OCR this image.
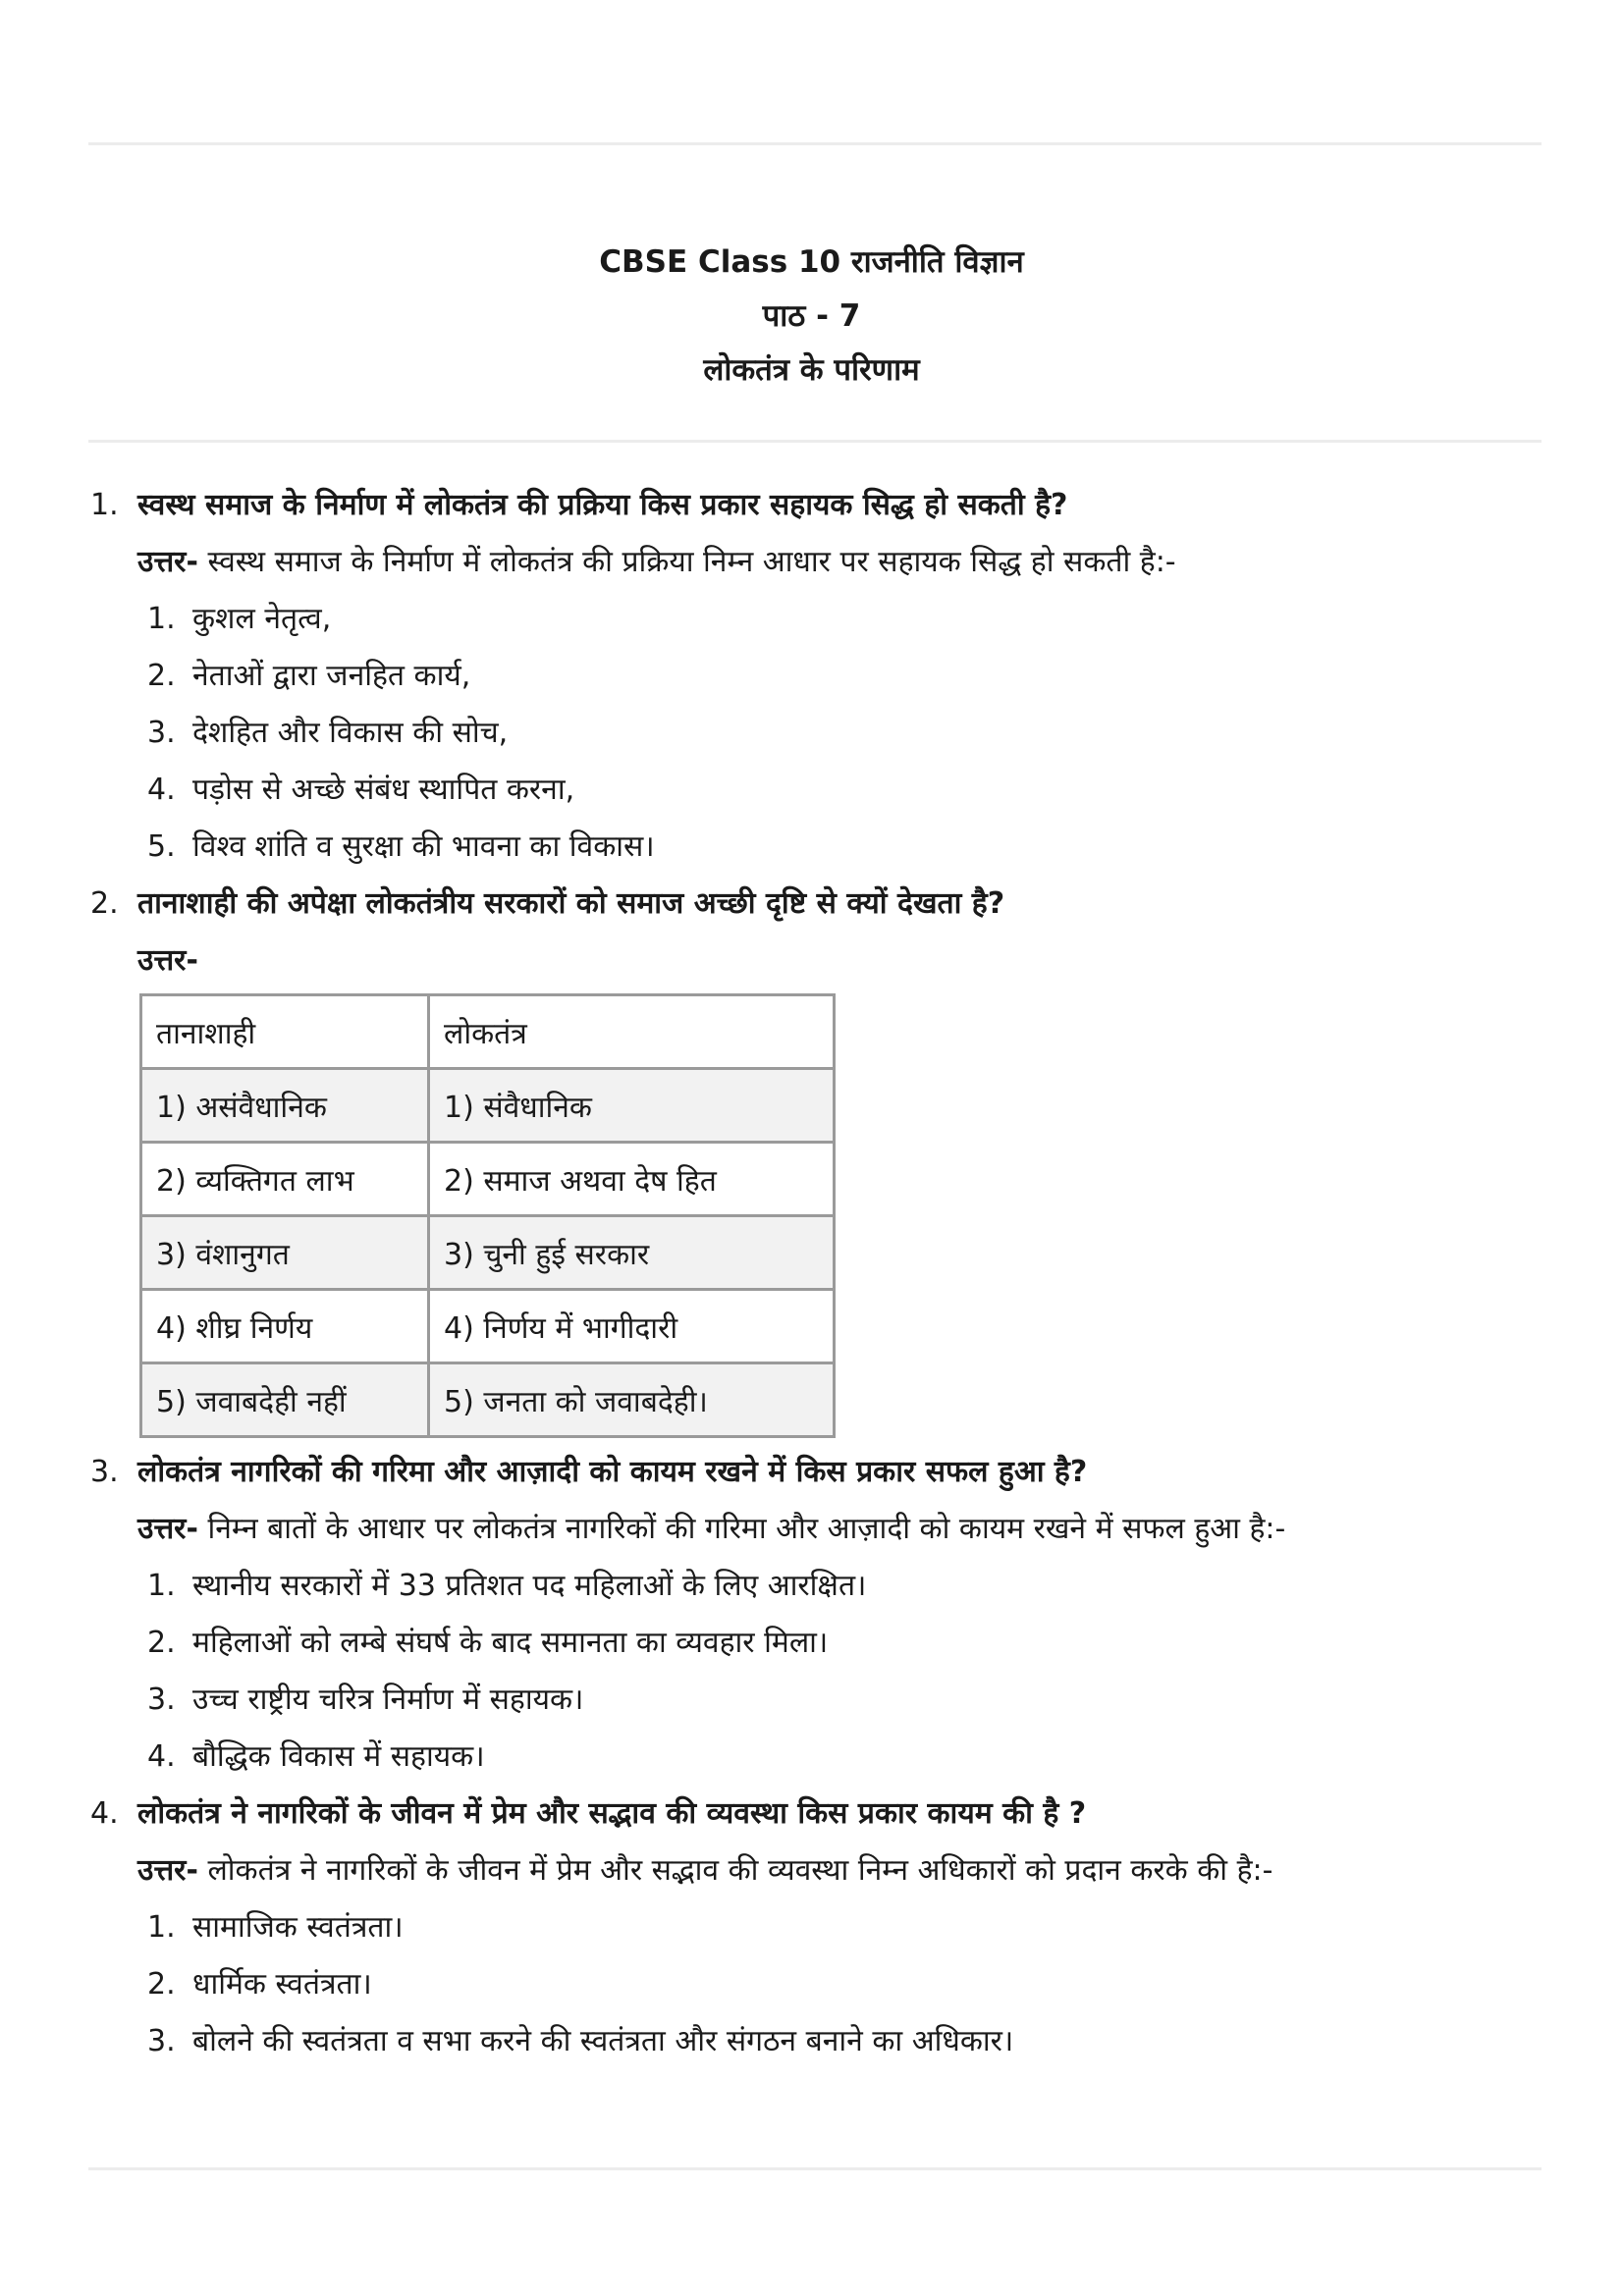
CBSE Class 10 राजनीति विज्ञान
पाठ - 7
लोकतंत्र के परिणाम
1. स्वस्थ समाज के निर्माण में लोकतंत्र की प्रक्रिया किस प्रकार सहायक सिद्ध हो सकती है?
उत्तर- स्वस्थ समाज के निर्माण में लोकतंत्र की प्रक्रिया निम्न आधार पर सहायक सिद्ध हो सकती है:-
1. कुशल नेतृत्व,
2. नेताओं द्वारा जनहित कार्य,
3. देशहित और विकास की सोच,
4. पड़ोस से अच्छे संबंध स्थापित करना,
5. विश्व शांति व सुरक्षा की भावना का विकास।
2. तानाशाही की अपेक्षा लोकतंत्रीय सरकारों को समाज अच्छी दृष्टि से क्यों देखता है?
उत्तर-
तानाशाही	लोकतंत्र
1) असंवैधानिक	1) संवैधानिक
2) व्यक्तिगत लाभ	2) समाज अथवा देष हित
3) वंशानुगत	3) चुनी हुई सरकार
4) शीघ्र निर्णय	4) निर्णय में भागीदारी
5) जवाबदेही नहीं	5) जनता को जवाबदेही।
3. लोकतंत्र नागरिकों की गरिमा और आज़ादी को कायम रखने में किस प्रकार सफल हुआ है?
उत्तर- निम्न बातों के आधार पर लोकतंत्र नागरिकों की गरिमा और आज़ादी को कायम रखने में सफल हुआ है:-
1. स्थानीय सरकारों में 33 प्रतिशत पद महिलाओं के लिए आरक्षित।
2. महिलाओं को लम्बे संघर्ष के बाद समानता का व्यवहार मिला।
3. उच्च राष्ट्रीय चरित्र निर्माण में सहायक।
4. बौद्धिक विकास में सहायक।
4. लोकतंत्र ने नागरिकों के जीवन में प्रेम और सद्भाव की व्यवस्था किस प्रकार कायम की है ?
उत्तर- लोकतंत्र ने नागरिकों के जीवन में प्रेम और सद्भाव की व्यवस्था निम्न अधिकारों को प्रदान करके की है:-
1. सामाजिक स्वतंत्रता।
2. धार्मिक स्वतंत्रता।
3. बोलने की स्वतंत्रता व सभा करने की स्वतंत्रता और संगठन बनाने का अधिकार।
